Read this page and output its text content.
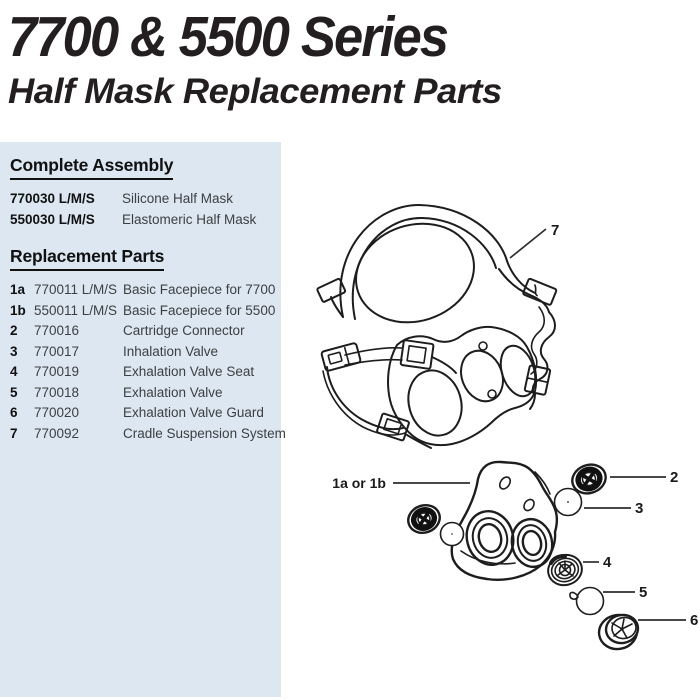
7700 & 5500 Series
Half Mask Replacement Parts
Complete Assembly
770030 L/M/S	Silicone Half Mask
550030 L/M/S	Elastomeric Half Mask
Replacement Parts
1a 770011 L/M/S Basic Facepiece for 7700
1b 550011 L/M/S Basic Facepiece for 5500
2	770016	Cartridge Connector
3	770017	Inhalation Valve
4	770019	Exhalation Valve Seat
5	770018	Exhalation Valve
6	770020	Exhalation Valve Guard
7	770092	Cradle Suspension System
7
1a or 1b	2
3
4
5
6
